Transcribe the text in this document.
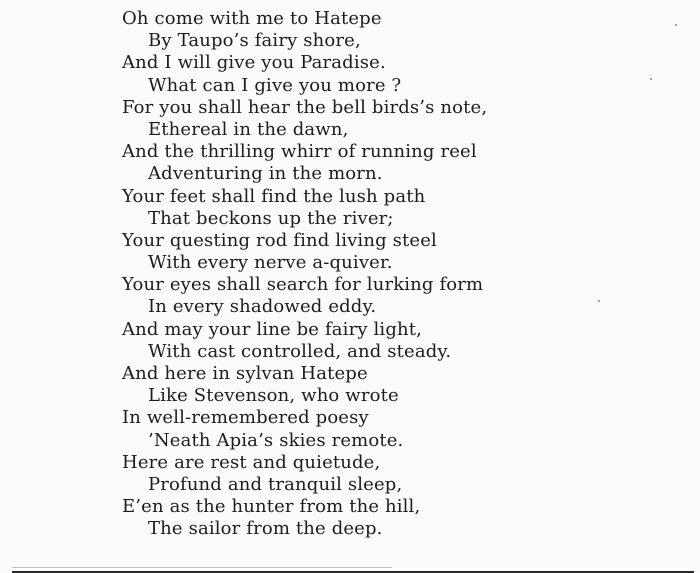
Oh come with me to Hatepe
By Taupo’s fairy shore,
And I will give you Paradise.
What can I give you more ?
For you shall hear the bell birds’s note,
Ethereal in the dawn,
And the thrilling whirr of running reel
Adventuring in the morn.
Your feet shall find the lush path
That beckons up the river;
Your questing rod find living steel
With every nerve a-quiver.
Your eyes shall search for lurking form
In every shadowed eddy.
And may your line be fairy light,
With cast controlled, and steady.
And here in sylvan Hatepe
Like Stevenson, who wrote
In well-remembered poesy
’Neath Apia’s skies remote.
Here are rest and quietude,
Profund and tranquil sleep,
E’en as the hunter from the hill,
The sailor from the deep.
